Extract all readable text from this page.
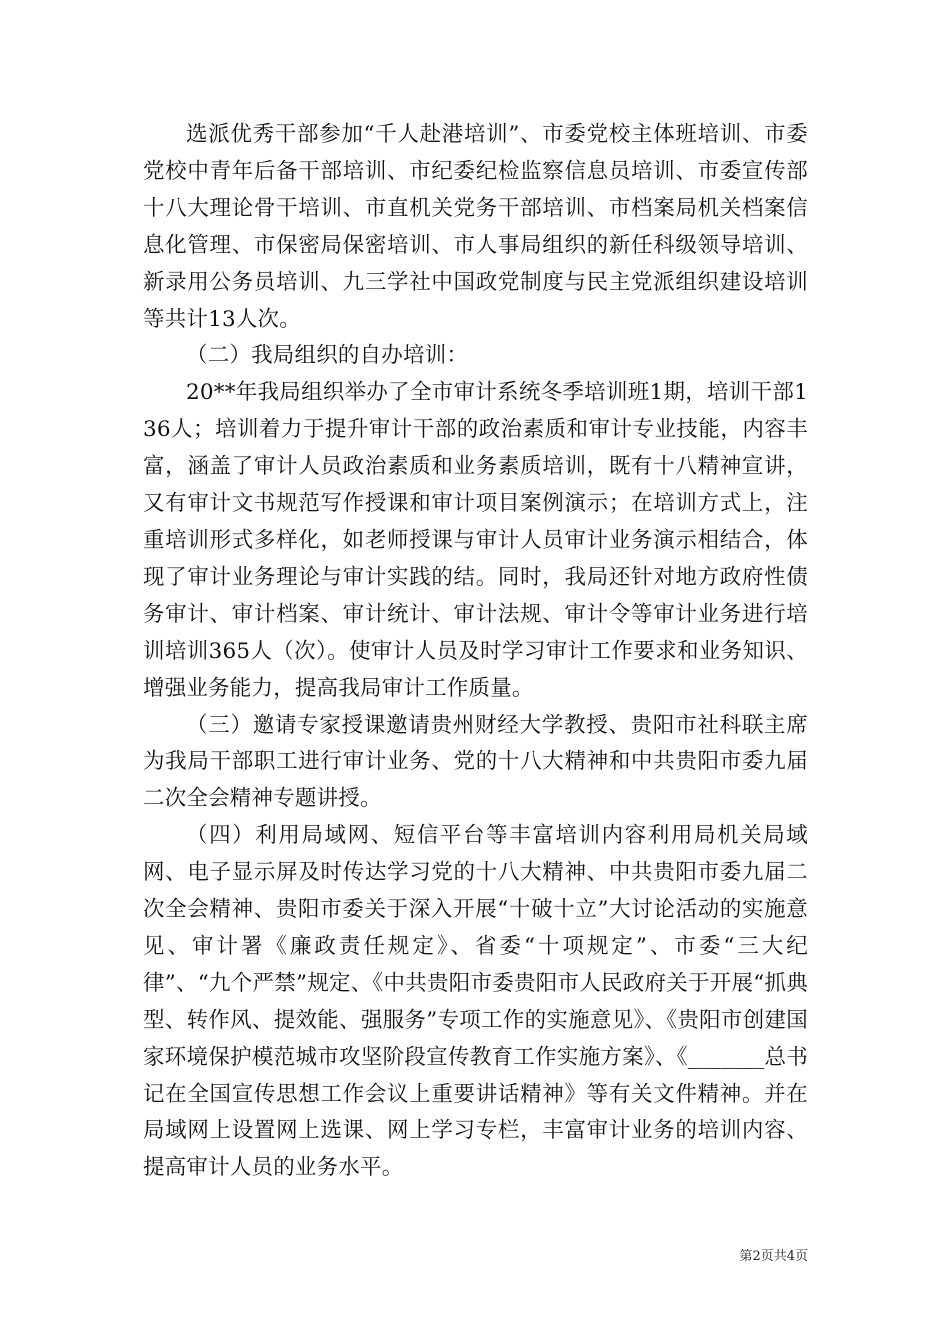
选派优秀干部参加“千人赴港培训”、市委党校主体班培训、市委党校中青年后备干部培训、市纪委纪检监察信息员培训、市委宣传部十八大理论骨干培训、市直机关党务干部培训、市档案局机关档案信息化管理、市保密局保密培训、市人事局组织的新任科级领导培训、新录用公务员培训、九三学社中国政党制度与民主党派组织建设培训等共计13人次。

（二）我局组织的自办培训：

20**年我局组织举办了全市审计系统冬季培训班1期，培训干部136人；培训着力于提升审计干部的政治素质和审计专业技能，内容丰富，涵盖了审计人员政治素质和业务素质培训，既有十八精神宣讲，又有审计文书规范写作授课和审计项目案例演示；在培训方式上，注重培训形式多样化，如老师授课与审计人员审计业务演示相结合，体现了审计业务理论与审计实践的结。同时，我局还针对地方政府性债务审计、审计档案、审计统计、审计法规、审计令等审计业务进行培训培训365人（次）。使审计人员及时学习审计工作要求和业务知识、增强业务能力，提高我局审计工作质量。

（三）邀请专家授课邀请贵州财经大学教授、贵阳市社科联主席为我局干部职工进行审计业务、党的十八大精神和中共贵阳市委九届二次全会精神专题讲授。

（四）利用局域网、短信平台等丰富培训内容利用局机关局域网、电子显示屏及时传达学习党的十八大精神、中共贵阳市委九届二次全会精神、贵阳市委关于深入开展“十破十立”大讨论活动的实施意见、审计署《廉政责任规定》、省委“十项规定”、市委“三大纪律”、“九个严禁”规定、《中共贵阳市委贵阳市人民政府关于开展“抓典型、转作风、提效能、强服务”专项工作的实施意见》、《贵阳市创建国家环境保护模范城市攻坚阶段宣传教育工作实施方案》、《_______总书记在全国宣传思想工作会议上重要讲话精神》等有关文件精神。并在局域网上设置网上选课、网上学习专栏，丰富审计业务的培训内容、提高审计人员的业务水平。

第2页共4页
